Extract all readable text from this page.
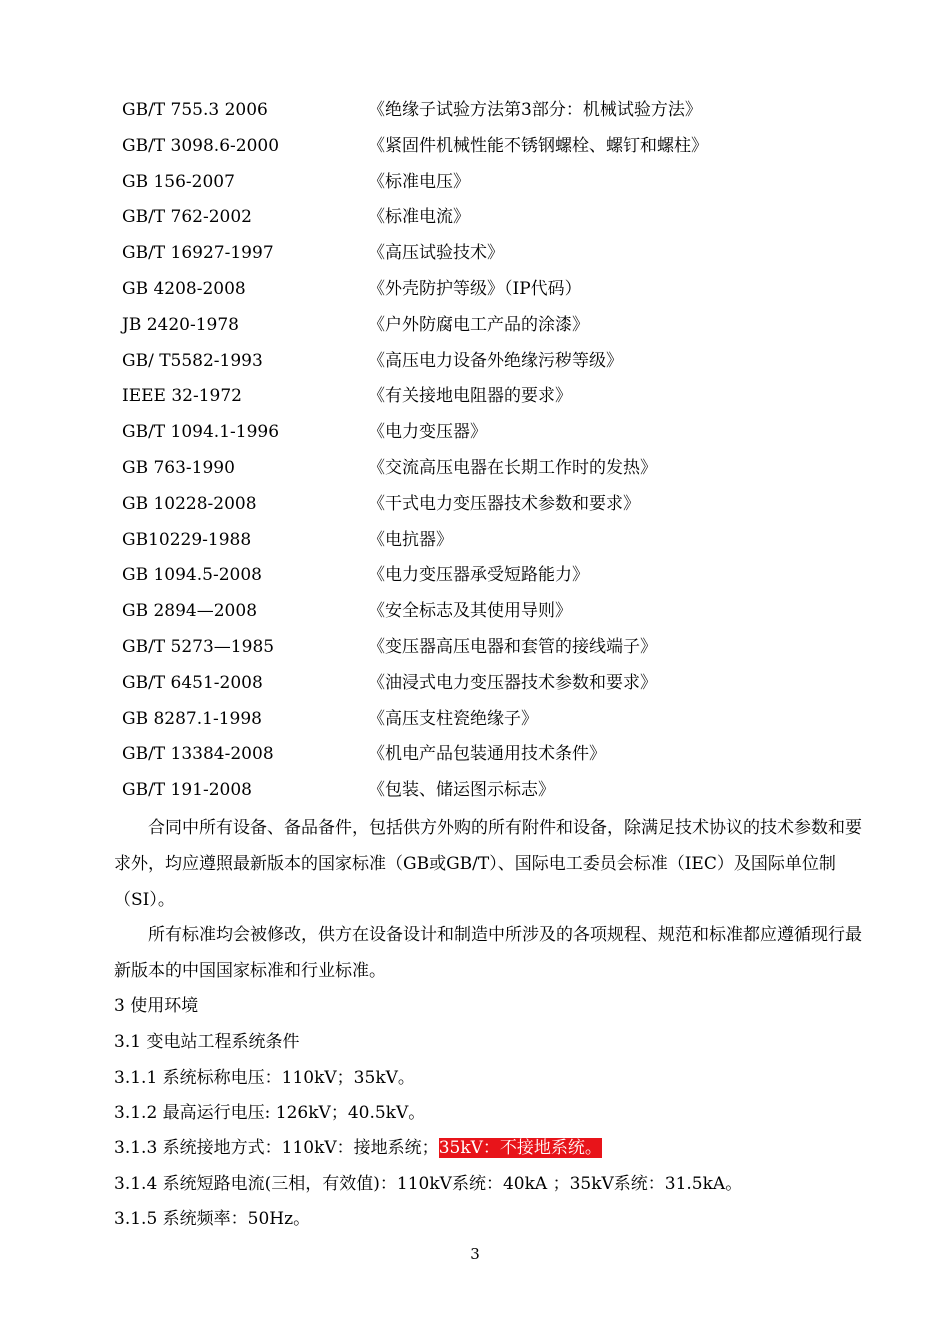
GB/T 755.3 2006	《绝缘子试验方法第3部分：机械试验方法》
GB/T 3098.6-2000	《紧固件机械性能不锈钢螺栓、螺钉和螺柱》
GB 156-2007	《标准电压》
GB/T 762-2002	《标准电流》
GB/T 16927-1997	《高压试验技术》
GB 4208-2008	《外壳防护等级》（IP代码）
JB 2420-1978	《户外防腐电工产品的涂漆》
GB/ T5582-1993	《高压电力设备外绝缘污秽等级》
IEEE 32-1972	《有关接地电阻器的要求》
GB/T 1094.1-1996	《电力变压器》
GB 763-1990	《交流高压电器在长期工作时的发热》
GB 10228-2008	《干式电力变压器技术参数和要求》
GB10229-1988	《电抗器》
GB 1094.5-2008	《电力变压器承受短路能力》
GB 2894—2008	《安全标志及其使用导则》
GB/T 5273—1985	《变压器高压电器和套管的接线端子》
GB/T 6451-2008	《油浸式电力变压器技术参数和要求》
GB 8287.1-1998	《高压支柱瓷绝缘子》
GB/T 13384-2008	《机电产品包装通用技术条件》
GB/T 191-2008	《包装、储运图示标志》
合同中所有设备、备品备件，包括供方外购的所有附件和设备，除满足技术协议的技术参数和要求外，均应遵照最新版本的国家标准（GB或GB/T）、国际电工委员会标准（IEC）及国际单位制（SI）。
所有标准均会被修改，供方在设备设计和制造中所涉及的各项规程、规范和标准都应遵循现行最新版本的中国国家标准和行业标准。
3 使用环境
3.1 变电站工程系统条件
3.1.1 系统标称电压：110kV；35kV。
3.1.2 最高运行电压: 126kV；40.5kV。
3.1.3 系统接地方式：110kV：接地系统；35kV：不接地系统。
3.1.4 系统短路电流(三相，有效值)：110kV系统：40kA ；35kV系统：31.5kA。
3.1.5 系统频率：50Hz。
3
